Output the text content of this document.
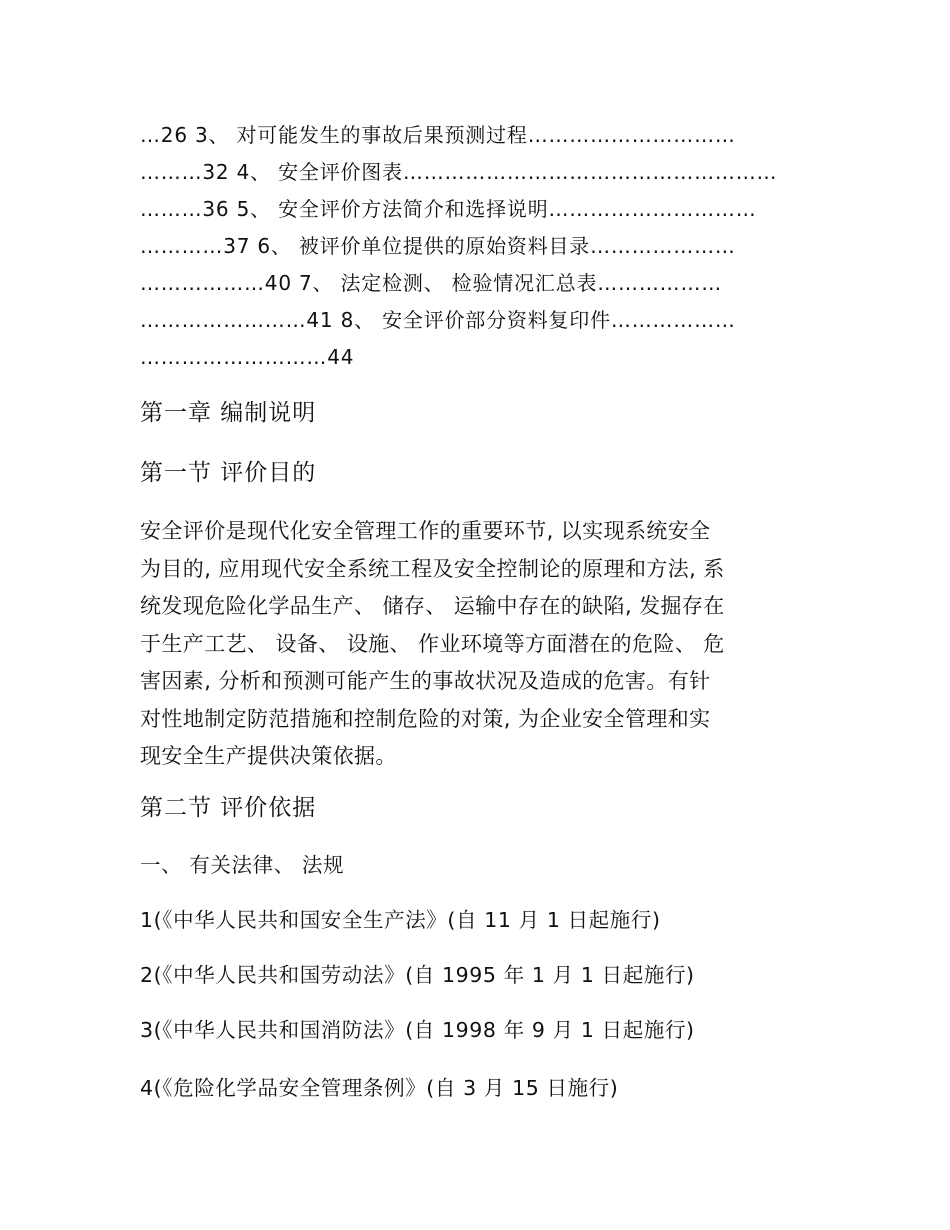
…26 3、 对可能发生的事故后果预测过程…………………………
………32 4、 安全评价图表………………………………………………
………36 5、 安全评价方法简介和选择说明…………………………
…………37 6、 被评价单位提供的原始资料目录…………………
………………40 7、 法定检测、 检验情况汇总表………………
……………………41 8、 安全评价部分资料复印件………………
………………………44
第一章 编制说明
第一节 评价目的
安全评价是现代化安全管理工作的重要环节, 以实现系统安全
为目的, 应用现代安全系统工程及安全控制论的原理和方法, 系
统发现危险化学品生产、 储存、 运输中存在的缺陷, 发掘存在
于生产工艺、 设备、 设施、 作业环境等方面潜在的危险、 危
害因素, 分析和预测可能产生的事故状况及造成的危害。有针
对性地制定防范措施和控制危险的对策, 为企业安全管理和实
现安全生产提供决策依据。
第二节 评价依据
一、 有关法律、 法规
1(《中华人民共和国安全生产法》(自 11 月 1 日起施行)
2(《中华人民共和国劳动法》(自 1995 年 1 月 1 日起施行)
3(《中华人民共和国消防法》(自 1998 年 9 月 1 日起施行)
4(《危险化学品安全管理条例》(自 3 月 15 日施行)
